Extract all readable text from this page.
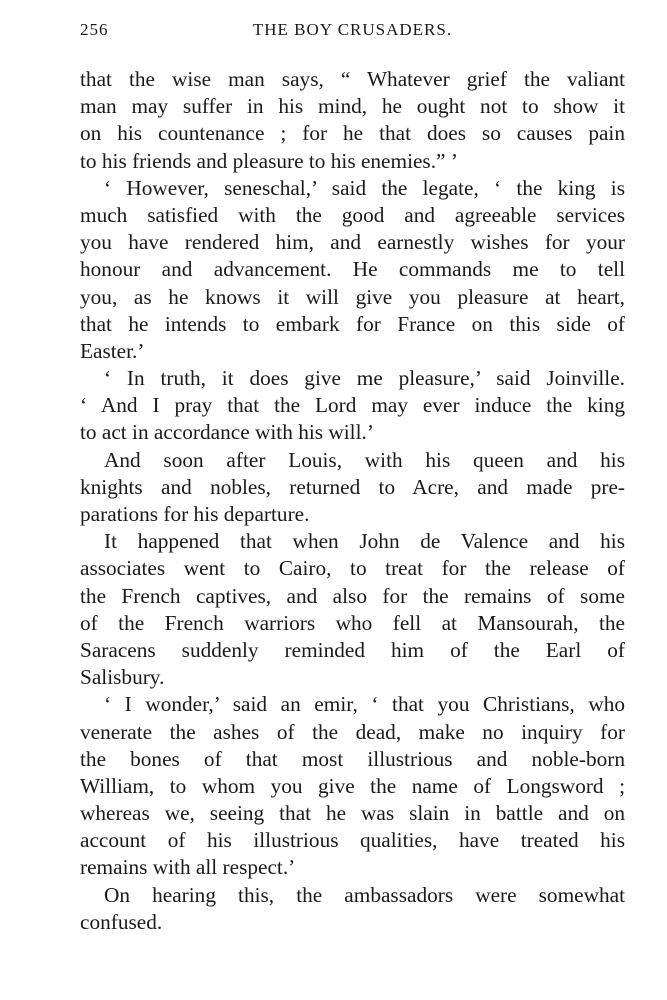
256	THE BOY CRUSADERS.
that the wise man says, “ Whatever grief the valiant
man may suffer in his mind, he ought not to show it
on his countenance ; for he that does so causes pain
to his friends and pleasure to his enemies.” ’
‘ However, seneschal,’ said the legate, ‘ the king is
much satisfied with the good and agreeable services
you have rendered him, and earnestly wishes for your
honour and advancement. He commands me to tell
you, as he knows it will give you pleasure at heart,
that he intends to embark for France on this side of
Easter.’
‘ In truth, it does give me pleasure,’ said Joinville.
‘ And I pray that the Lord may ever induce the king
to act in accordance with his will.’
And soon after Louis, with his queen and his
knights and nobles, returned to Acre, and made pre-
parations for his departure.
It happened that when John de Valence and his
associates went to Cairo, to treat for the release of
the French captives, and also for the remains of some
of the French warriors who fell at Mansourah, the
Saracens suddenly reminded him of the Earl of
Salisbury.
‘ I wonder,’ said an emir, ‘ that you Christians, who
venerate the ashes of the dead, make no inquiry for
the bones of that most illustrious and noble-born
William, to whom you give the name of Longsword ;
whereas we, seeing that he was slain in battle and on
account of his illustrious qualities, have treated his
remains with all respect.’
On hearing this, the ambassadors were somewhat
confused.
